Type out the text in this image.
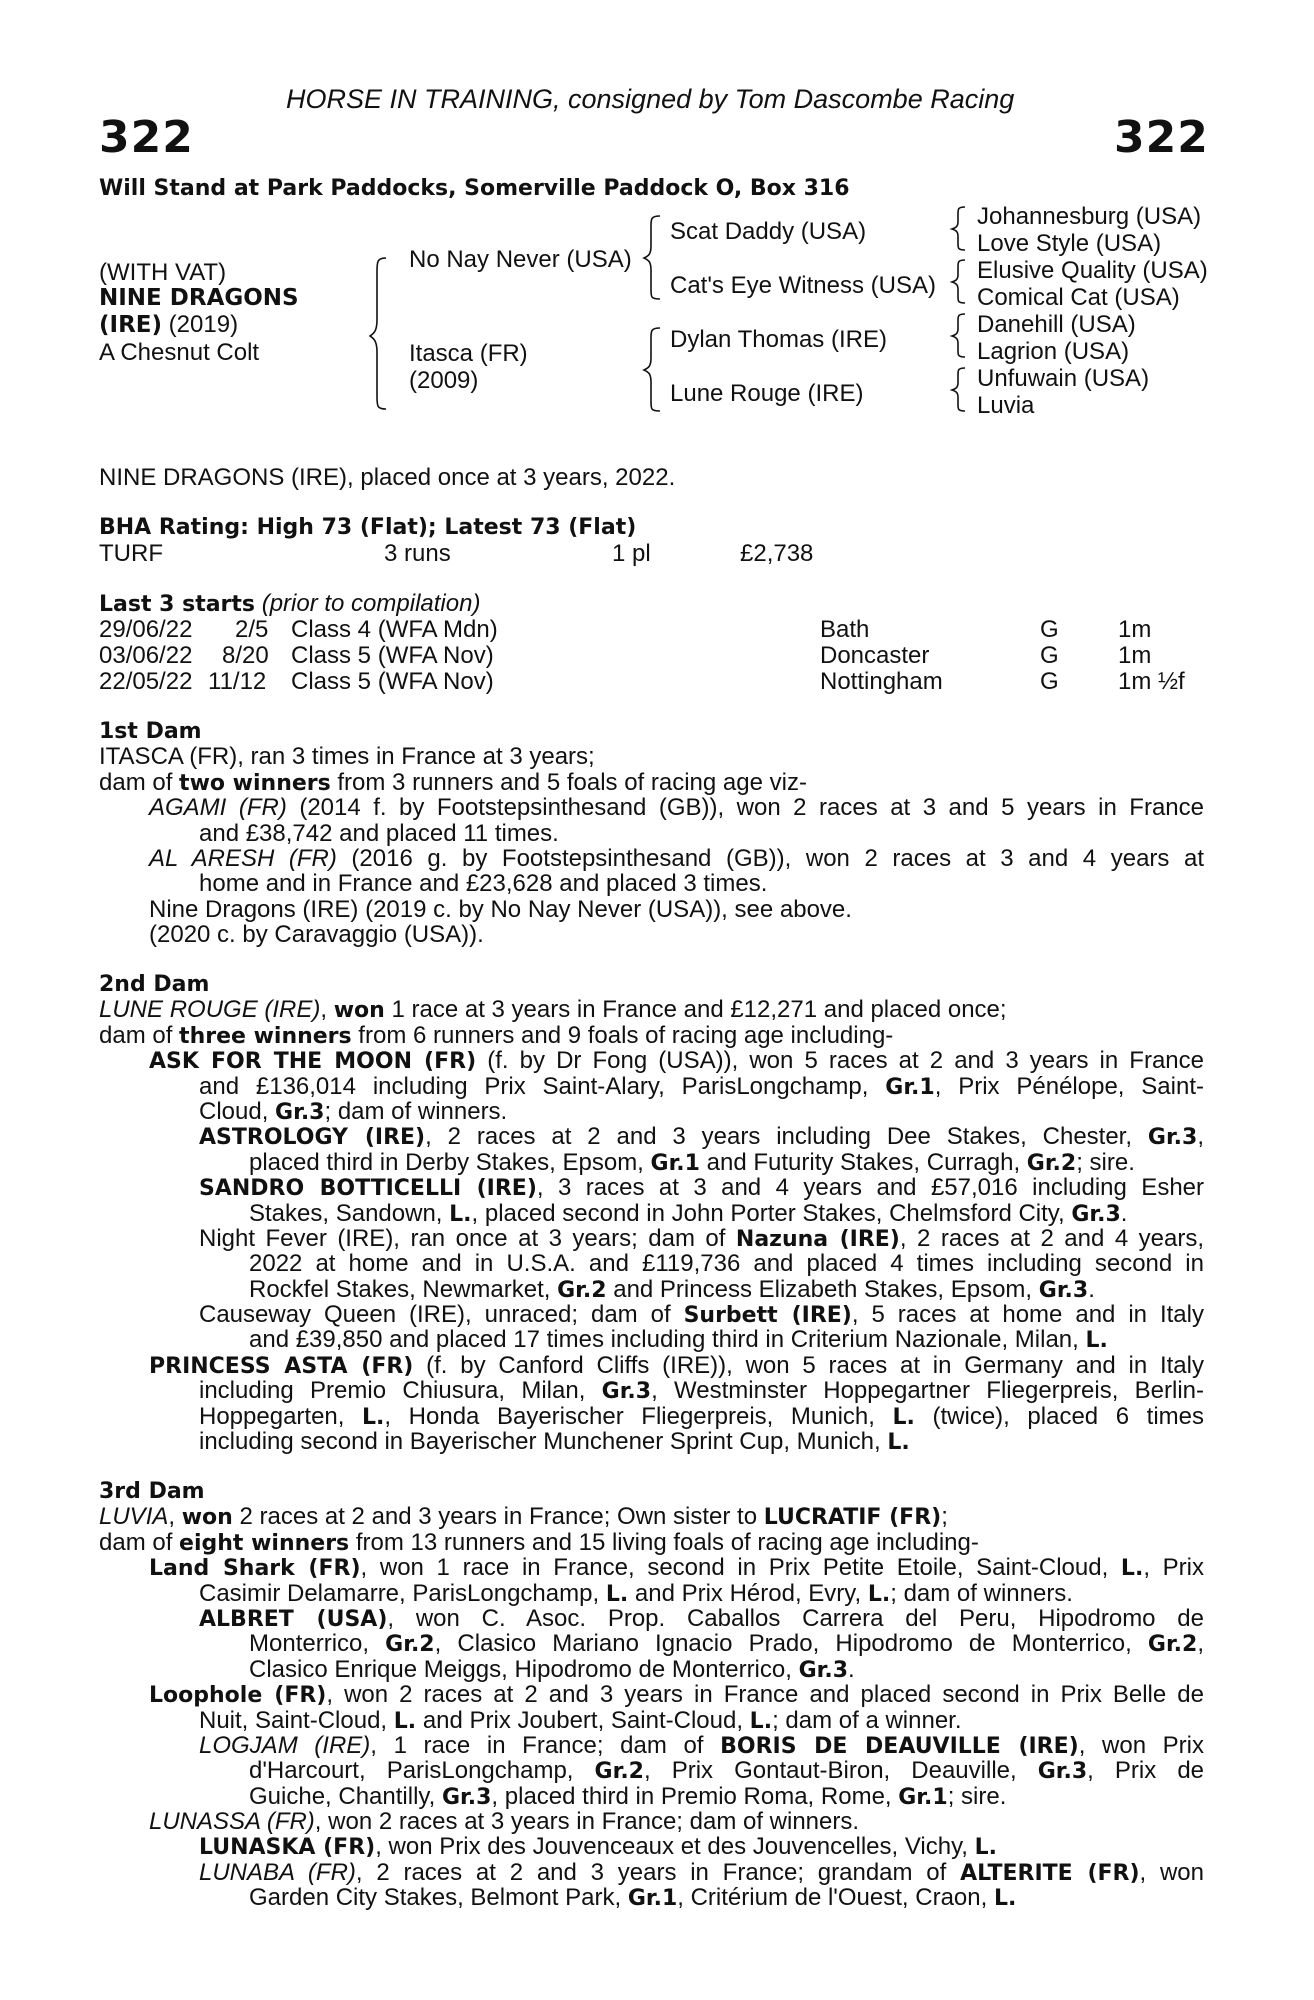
HORSE IN TRAINING, consigned by Tom Dascombe Racing
322	322
Will Stand at Park Paddocks, Somerville Paddock O, Box 316
(WITH VAT)
NINE DRAGONS
(IRE) (2019)
A Chesnut Colt
No Nay Never (USA)
Itasca (FR)
(2009)
Scat Daddy (USA)
Cat's Eye Witness (USA)
Dylan Thomas (IRE)
Lune Rouge (IRE)
Johannesburg (USA)
Love Style (USA)
Elusive Quality (USA)
Comical Cat (USA)
Danehill (USA)
Lagrion (USA)
Unfuwain (USA)
Luvia
NINE DRAGONS (IRE), placed once at 3 years, 2022.
BHA Rating: High 73 (Flat); Latest 73 (Flat)
TURF	3 runs	1 pl	£2,738
Last 3 starts (prior to compilation)
29/06/22 2/5 Class 4 (WFA Mdn)	Bath	G 1m
03/06/22 8/20 Class 5 (WFA Nov)	Doncaster	G 1m
22/05/22 11/12 Class 5 (WFA Nov)	Nottingham	G 1m ½f
1st Dam
ITASCA (FR), ran 3 times in France at 3 years;
dam of two winners from 3 runners and 5 foals of racing age viz-
AGAMI (FR) (2014 f. by Footstepsinthesand (GB)), won 2 races at 3 and 5 years in France
and £38,742 and placed 11 times.
AL ARESH (FR) (2016 g. by Footstepsinthesand (GB)), won 2 races at 3 and 4 years at
home and in France and £23,628 and placed 3 times.
Nine Dragons (IRE) (2019 c. by No Nay Never (USA)), see above.
(2020 c. by Caravaggio (USA)).
2nd Dam
LUNE ROUGE (IRE), won 1 race at 3 years in France and £12,271 and placed once;
dam of three winners from 6 runners and 9 foals of racing age including-
ASK FOR THE MOON (FR) (f. by Dr Fong (USA)), won 5 races at 2 and 3 years in France
and £136,014 including Prix Saint-Alary, ParisLongchamp, Gr.1, Prix Pénélope, Saint-
Cloud, Gr.3; dam of winners.
ASTROLOGY (IRE), 2 races at 2 and 3 years including Dee Stakes, Chester, Gr.3,
placed third in Derby Stakes, Epsom, Gr.1 and Futurity Stakes, Curragh, Gr.2; sire.
SANDRO BOTTICELLI (IRE), 3 races at 3 and 4 years and £57,016 including Esher
Stakes, Sandown, L., placed second in John Porter Stakes, Chelmsford City, Gr.3.
Night Fever (IRE), ran once at 3 years; dam of Nazuna (IRE), 2 races at 2 and 4 years,
2022 at home and in U.S.A. and £119,736 and placed 4 times including second in
Rockfel Stakes, Newmarket, Gr.2 and Princess Elizabeth Stakes, Epsom, Gr.3.
Causeway Queen (IRE), unraced; dam of Surbett (IRE), 5 races at home and in Italy
and £39,850 and placed 17 times including third in Criterium Nazionale, Milan, L.
PRINCESS ASTA (FR) (f. by Canford Cliffs (IRE)), won 5 races at in Germany and in Italy
including Premio Chiusura, Milan, Gr.3, Westminster Hoppegartner Fliegerpreis, Berlin-
Hoppegarten, L., Honda Bayerischer Fliegerpreis, Munich, L. (twice), placed 6 times
including second in Bayerischer Munchener Sprint Cup, Munich, L.
3rd Dam
LUVIA, won 2 races at 2 and 3 years in France; Own sister to LUCRATIF (FR);
dam of eight winners from 13 runners and 15 living foals of racing age including-
Land Shark (FR), won 1 race in France, second in Prix Petite Etoile, Saint-Cloud, L., Prix
Casimir Delamarre, ParisLongchamp, L. and Prix Hérod, Evry, L.; dam of winners.
ALBRET (USA), won C. Asoc. Prop. Caballos Carrera del Peru, Hipodromo de
Monterrico, Gr.2, Clasico Mariano Ignacio Prado, Hipodromo de Monterrico, Gr.2,
Clasico Enrique Meiggs, Hipodromo de Monterrico, Gr.3.
Loophole (FR), won 2 races at 2 and 3 years in France and placed second in Prix Belle de
Nuit, Saint-Cloud, L. and Prix Joubert, Saint-Cloud, L.; dam of a winner.
LOGJAM (IRE), 1 race in France; dam of BORIS DE DEAUVILLE (IRE), won Prix
d'Harcourt, ParisLongchamp, Gr.2, Prix Gontaut-Biron, Deauville, Gr.3, Prix de
Guiche, Chantilly, Gr.3, placed third in Premio Roma, Rome, Gr.1; sire.
LUNASSA (FR), won 2 races at 3 years in France; dam of winners.
LUNASKA (FR), won Prix des Jouvenceaux et des Jouvencelles, Vichy, L.
LUNABA (FR), 2 races at 2 and 3 years in France; grandam of ALTERITE (FR), won
Garden City Stakes, Belmont Park, Gr.1, Critérium de l'Ouest, Craon, L.
